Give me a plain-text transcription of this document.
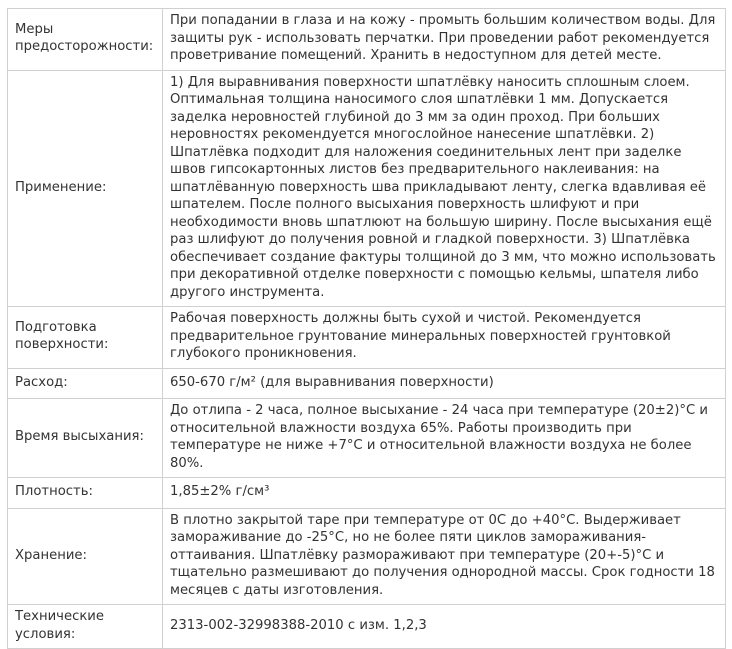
Меры предосторожности:	При попадании в глаза и на кожу - промыть большим количеством воды. Для защиты рук - использовать перчатки. При проведении работ рекомендуется проветривание помещений. Хранить в недоступном для детей месте.
Применение:	1) Для выравнивания поверхности шпатлёвку наносить сплошным слоем. Оптимальная толщина наносимого слоя шпатлёвки 1 мм. Допускается заделка неровностей глубиной до 3 мм за один проход. При больших неровностях рекомендуется многослойное нанесение шпатлёвки. 2) Шпатлёвка подходит для наложения соединительных лент при заделке швов гипсокартонных листов без предварительного наклеивания: на шпатлёванную поверхность шва прикладывают ленту, слегка вдавливая её шпателем. После полного высыхания поверхность шлифуют и при необходимости вновь шпатлюют на большую ширину. После высыхания ещё раз шлифуют до получения ровной и гладкой поверхности. 3) Шпатлёвка обеспечивает создание фактуры толщиной до 3 мм, что можно использовать при декоративной отделке поверхности с помощью кельмы, шпателя либо другого инструмента.
Подготовка поверхности:	Рабочая поверхность должны быть сухой и чистой. Рекомендуется предварительное грунтование минеральных поверхностей грунтовкой глубокого проникновения.
Расход:	650-670 г/м² (для выравнивания поверхности)
Время высыхания:	До отлипа - 2 часа, полное высыхание - 24 часа при температуре (20±2)°С и относительной влажности воздуха 65%. Работы производить при температуре не ниже +7°С и относительной влажности воздуха не более 80%.
Плотность:	1,85±2% г/см³
Хранение:	В плотно закрытой таре при температуре от 0С до +40°С. Выдерживает замораживание до -25°С, но не более пяти циклов замораживания-оттаивания. Шпатлёвку размораживают при температуре (20+-5)°С и тщательно размешивают до получения однородной массы. Срок годности 18 месяцев с даты изготовления.
Технические условия:	2313-002-32998388-2010 с изм. 1,2,3
